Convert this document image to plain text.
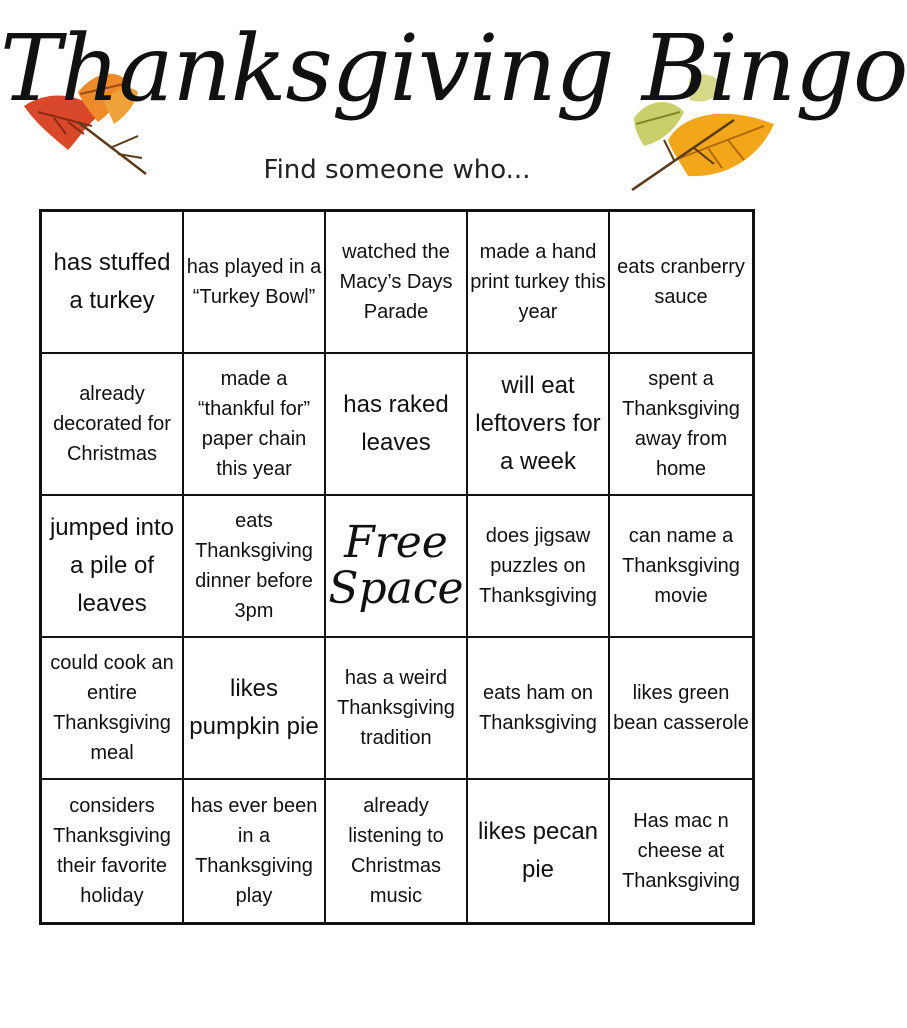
Thanksgiving Bingo
Find someone who...
has stuffed a turkey
has played in a “Turkey Bowl”
watched the Macy’s Days Parade
made a hand print turkey this year
eats cranberry sauce
already decorated for Christmas
made a “thankful for” paper chain this year
has raked leaves
will eat leftovers for a week
spent a Thanksgiving away from home
jumped into a pile of leaves
eats Thanksgiving dinner before 3pm
Free
Space
does jigsaw puzzles on Thanksgiving
can name a Thanksgiving movie
could cook an entire Thanksgiving meal
likes pumpkin pie
has a weird Thanksgiving tradition
eats ham on Thanksgiving
likes green bean casserole
considers Thanksgiving their favorite holiday
has ever been in a Thanksgiving play
already listening to Christmas music
likes pecan pie
Has mac n cheese at Thanksgiving
